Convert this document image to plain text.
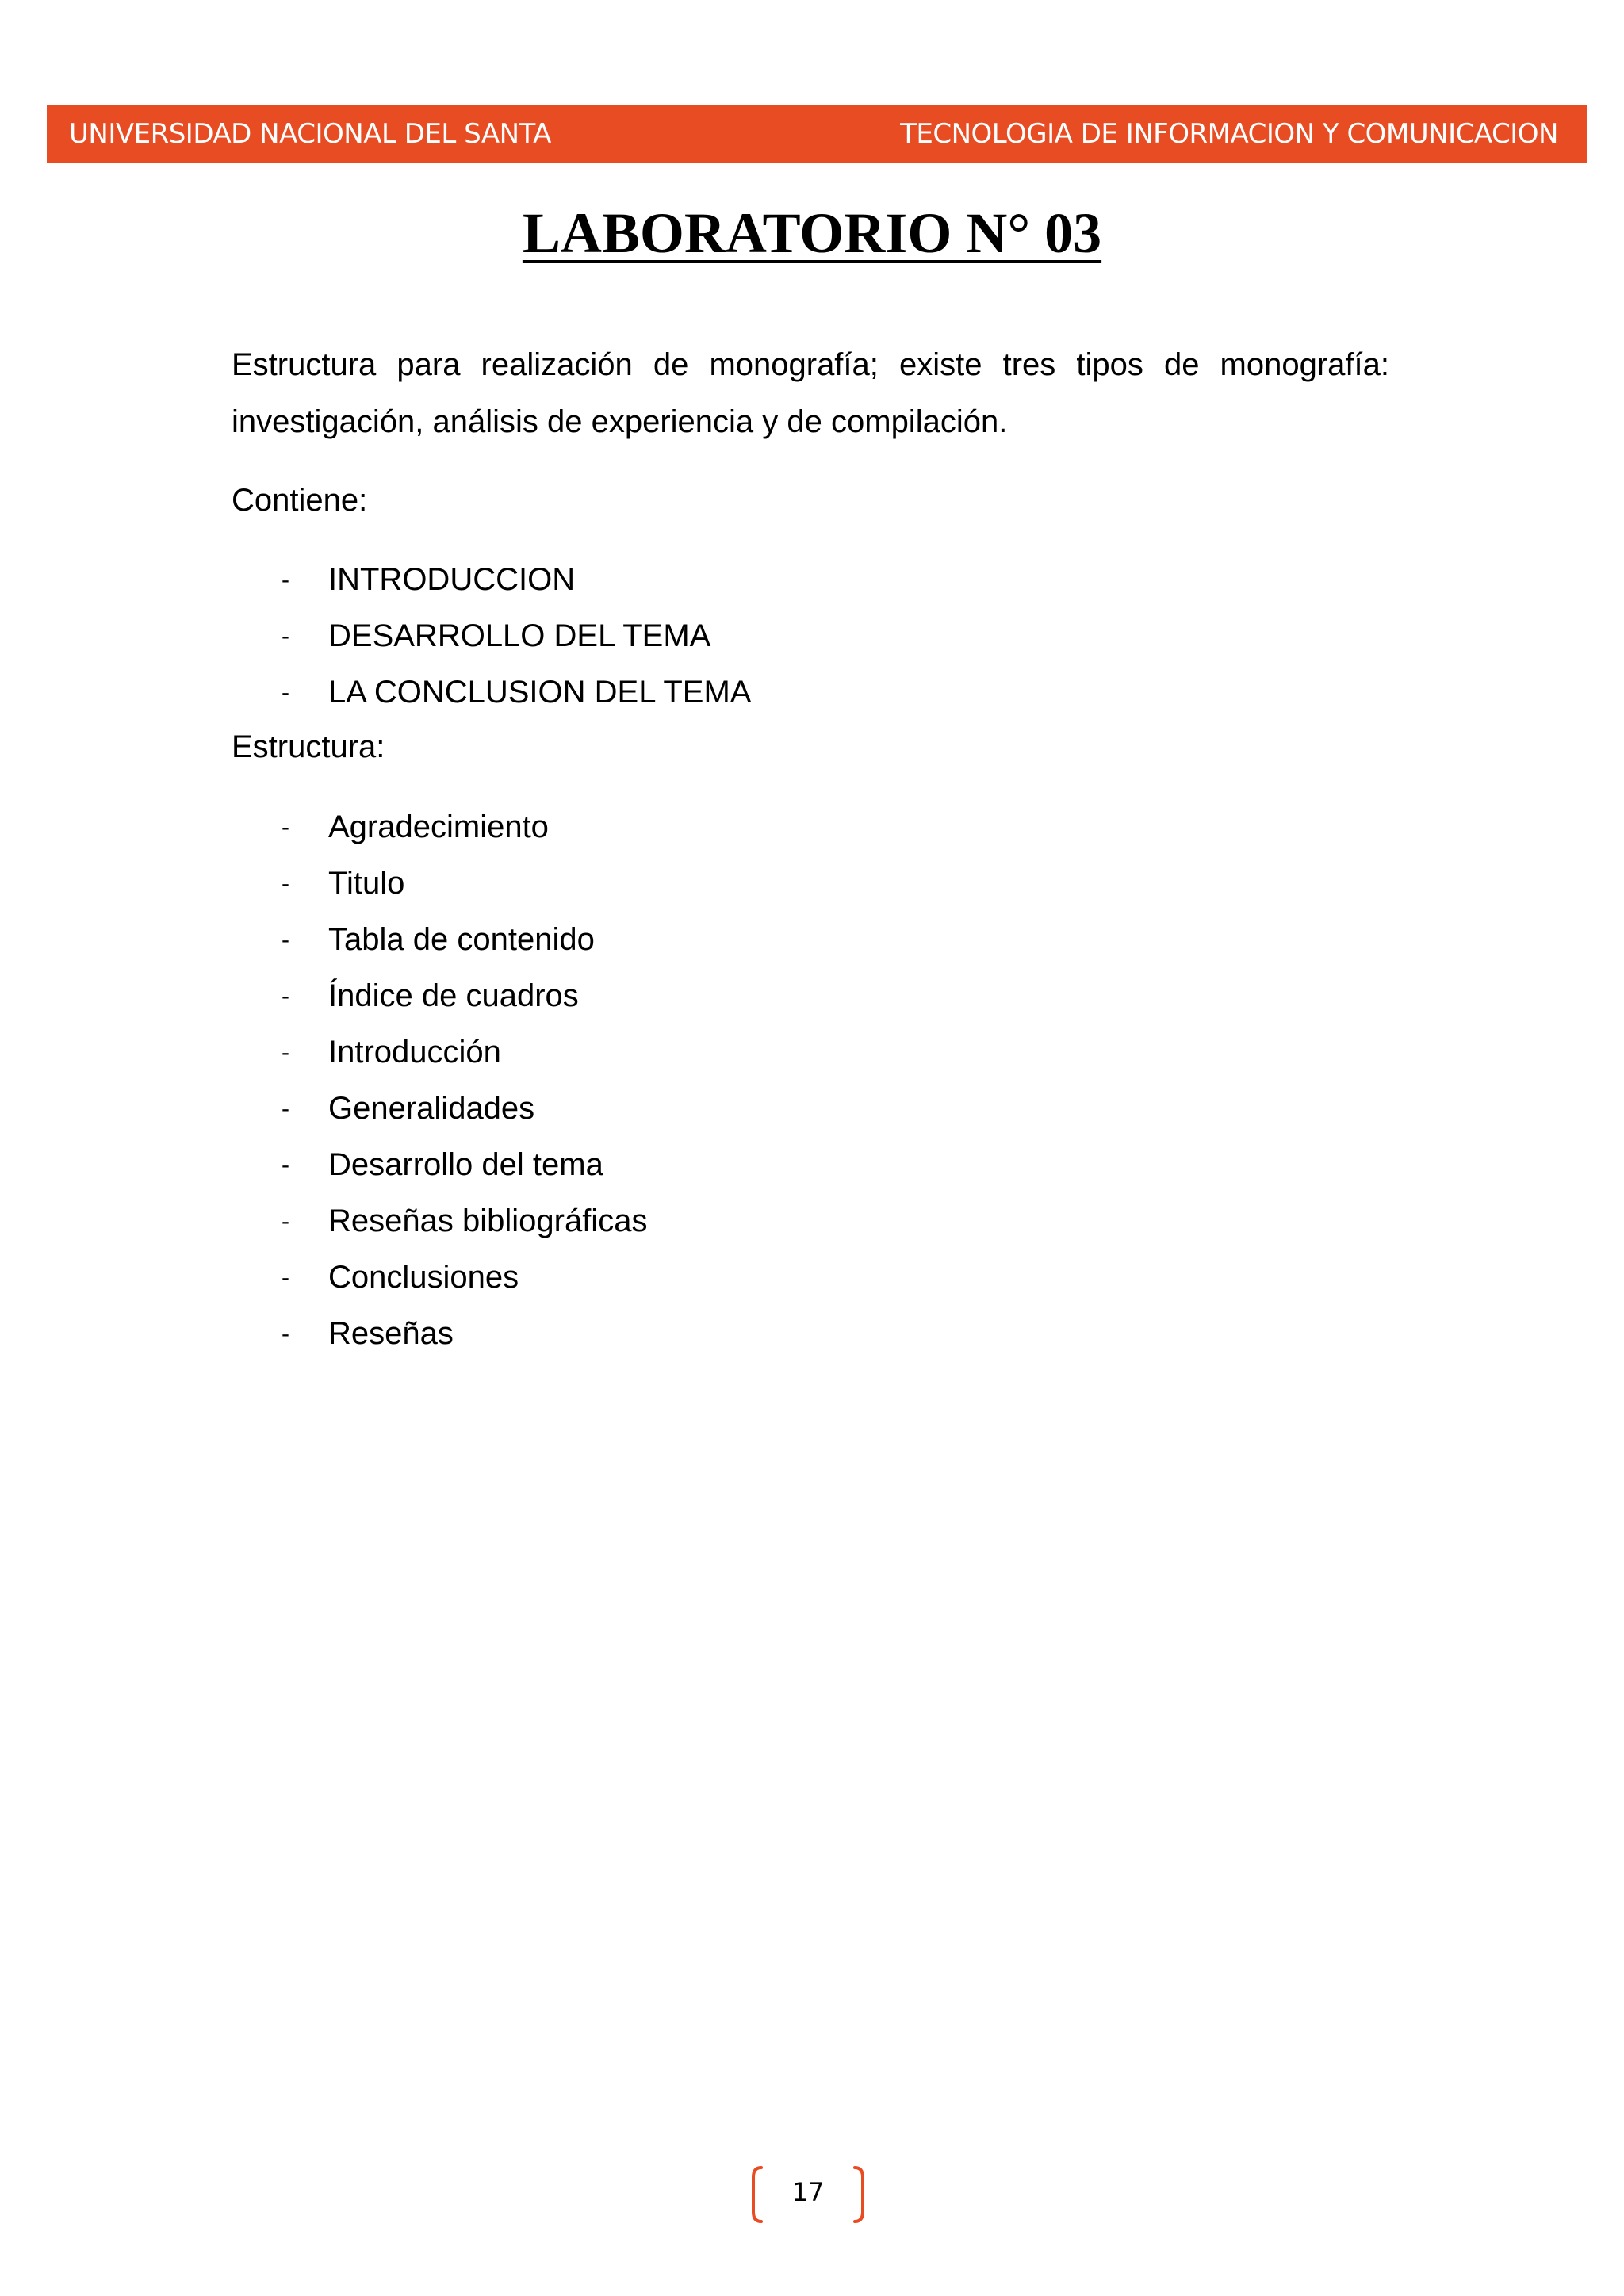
UNIVERSIDAD NACIONAL DEL SANTA	TECNOLOGIA DE INFORMACION Y COMUNICACION
LABORATORIO N° 03

Estructura para realización de monografía; existe tres tipos de monografía: investigación, análisis de experiencia y de compilación.

Contiene:

- INTRODUCCION
- DESARROLLO DEL TEMA
- LA CONCLUSION DEL TEMA

Estructura:

- Agradecimiento
- Titulo
- Tabla de contenido
- Índice de cuadros
- Introducción
- Generalidades
- Desarrollo del tema
- Reseñas bibliográficas
- Conclusiones
- Reseñas
17
